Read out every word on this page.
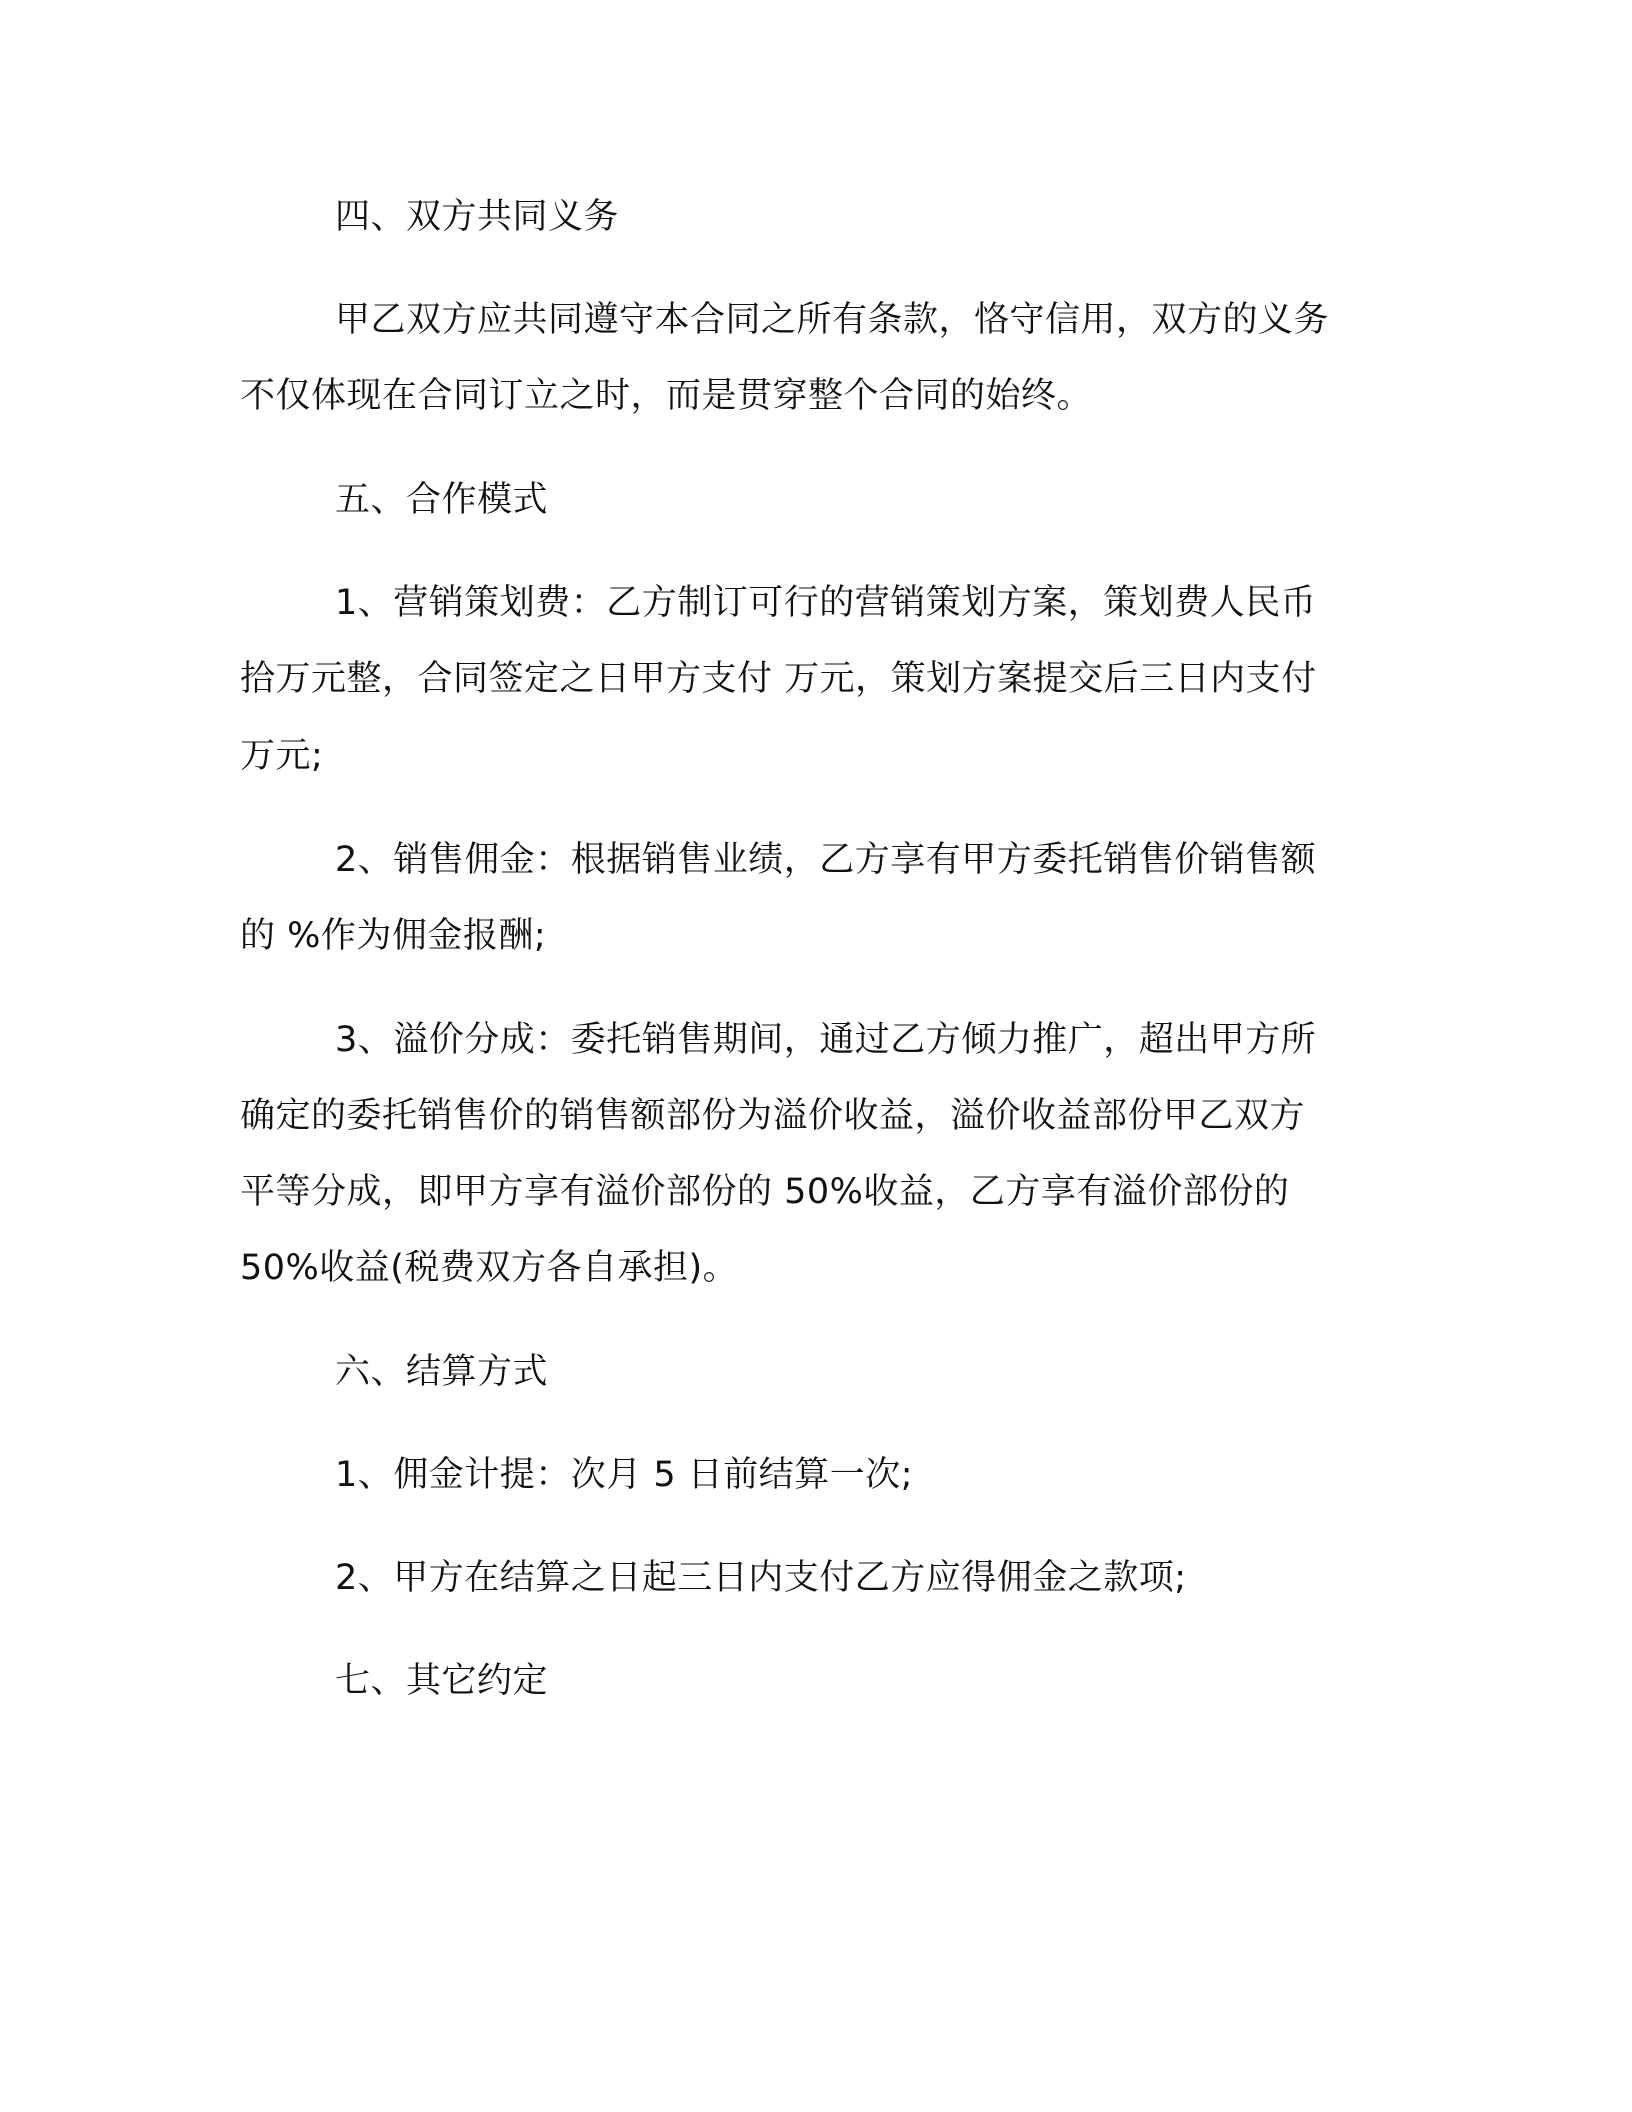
四、双方共同义务
甲乙双方应共同遵守本合同之所有条款，恪守信用，双方的义务
不仅体现在合同订立之时，而是贯穿整个合同的始终。
五、合作模式
1、营销策划费：乙方制订可行的营销策划方案，策划费人民币
拾万元整，合同签定之日甲方支付 万元，策划方案提交后三日内支付
万元;
2、销售佣金：根据销售业绩，乙方享有甲方委托销售价销售额
的 %作为佣金报酬;
3、溢价分成：委托销售期间，通过乙方倾力推广，超出甲方所
确定的委托销售价的销售额部份为溢价收益，溢价收益部份甲乙双方
平等分成，即甲方享有溢价部份的 50%收益，乙方享有溢价部份的
50%收益(税费双方各自承担)。
六、结算方式
1、佣金计提：次月 5 日前结算一次;
2、甲方在结算之日起三日内支付乙方应得佣金之款项;
七、其它约定
